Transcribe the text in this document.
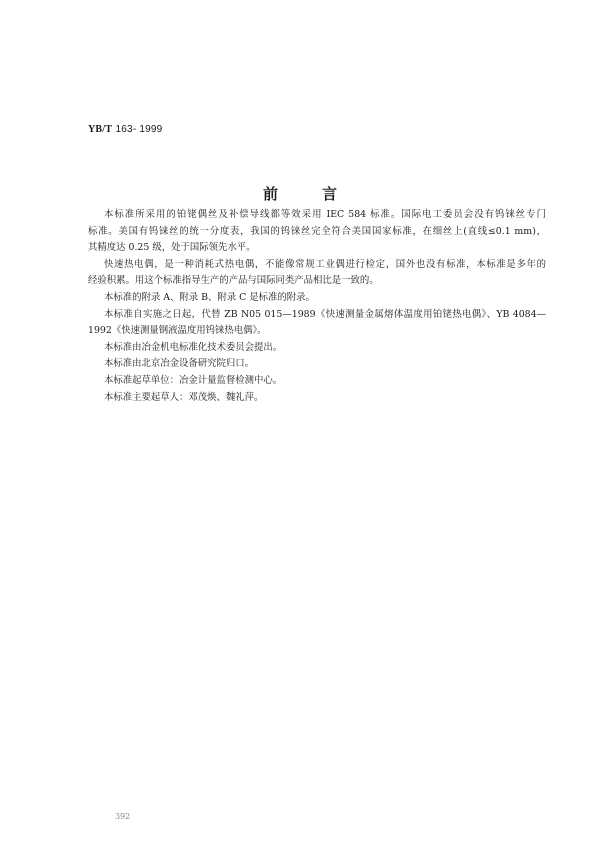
YB/T 163- 1999
前	言
本标准所采用的铂铑偶丝及补偿导线都等效采用 IEC 584 标准。国际电工委员会没有钨铼丝专门
标准。美国有钨铼丝的统一分度表，我国的钨铼丝完全符合美国国家标准，在细丝上(直线≤0.1 mm)，
其精度达 0.25 级，处于国际领先水平。
快速热电偶，是一种消耗式热电偶，不能像常规工业偶进行检定，国外也没有标准，本标准是多年的
经验积累。用这个标准指导生产的产品与国际同类产品相比是一致的。
本标准的附录 A、附录 B、附录 C 是标准的附录。
本标准自实施之日起，代替 ZB N05 015—1989《快速测量金属熔体温度用铂铑热电偶》、YB 4084—
1992《快速测量钢液温度用钨铼热电偶》。
本标准由冶金机电标准化技术委员会提出。
本标准由北京冶金设备研究院归口。
本标准起草单位：冶金计量监督检测中心。
本标准主要起草人：邓茂焕、魏礼萍。
392
